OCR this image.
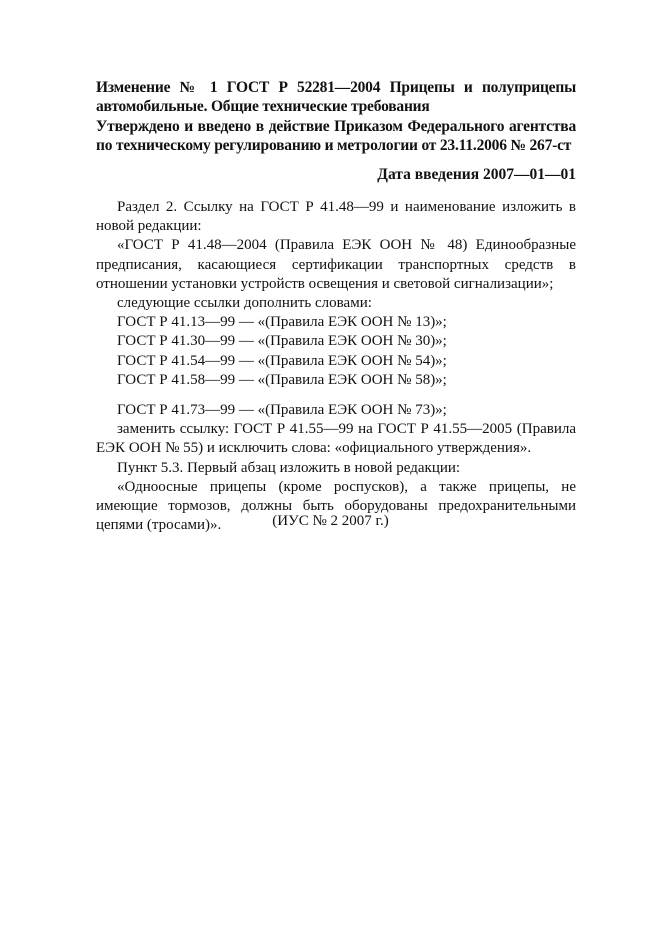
Изменение № 1 ГОСТ Р 52281—2004 Прицепы и полуприцепы автомобильные. Общие технические требования
Утверждено и введено в действие Приказом Федерального агентства по техническому регулированию и метрологии от 23.11.2006 № 267-ст
Дата введения 2007—01—01

Раздел 2. Ссылку на ГОСТ Р 41.48—99 и наименование изложить в новой редакции:

«ГОСТ Р 41.48—2004 (Правила ЕЭК ООН № 48) Единообразные предписания, касающиеся сертификации транспортных средств в отношении установки устройств освещения и световой сигнализации»;

следующие ссылки дополнить словами:

ГОСТ Р 41.13—99 — «(Правила ЕЭК ООН № 13)»;

ГОСТ Р 41.30—99 — «(Правила ЕЭК ООН № 30)»;

ГОСТ Р 41.54—99 — «(Правила ЕЭК ООН № 54)»;

ГОСТ Р 41.58—99 — «(Правила ЕЭК ООН № 58)»;

ГОСТ Р 41.73—99 — «(Правила ЕЭК ООН № 73)»;

заменить ссылку: ГОСТ Р 41.55—99 на ГОСТ Р 41.55—2005 (Правила ЕЭК ООН № 55) и исключить слова: «официального утверждения».

Пункт 5.3. Первый абзац изложить в новой редакции:

«Одноосные прицепы (кроме роспусков), а также прицепы, не имеющие тормозов, должны быть оборудованы предохранительными цепями (тросами)».	(ИУС № 2 2007 г.)
